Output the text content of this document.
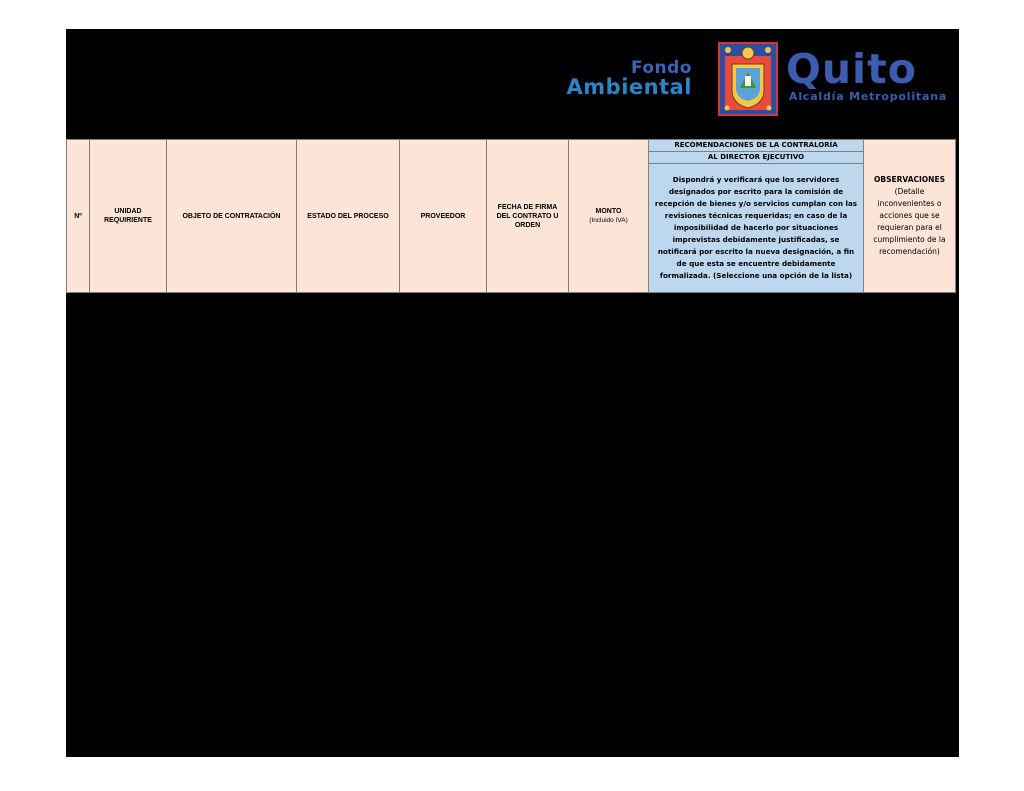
Fondo
Ambiental Quito
Alcaldía Metropolitana
Nº
UNIDAD REQUIRIENTE
OBJETO DE CONTRATACIÓN	ESTADO DEL PROCESO	PROVEEDOR
FECHA DE FIRMA DEL CONTRATO U ORDEN
MONTO
(Incluido IVA)
RECOMENDACIONES DE LA CONTRALORÍA
AL DIRECTOR EJECUTIVO
Dispondrá y verificará que los servidores designados por escrito para la comisión de recepción de bienes y/o servicios cumplan con las revisiones técnicas requeridas; en caso de la imposibilidad de hacerlo por situaciones imprevistas debidamente justificadas, se notificará por escrito la nueva designación, a fin de que esta se encuentre debidamente formalizada. (Seleccione una opción de la lista)
OBSERVACIONES
(Detalle inconvenientes o acciones que se requieran para el cumplimiento de la recomendación)
